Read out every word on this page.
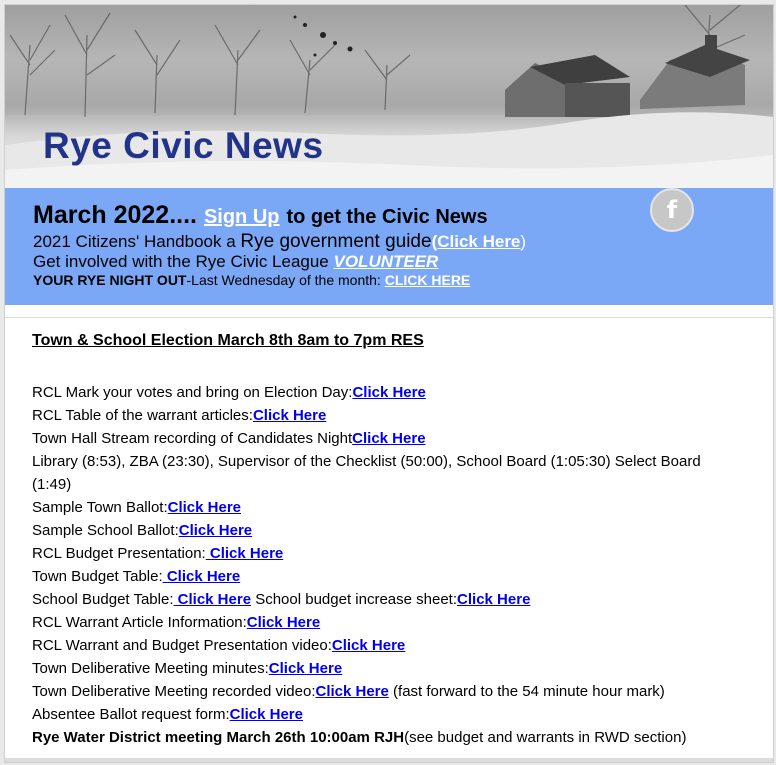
Rye Civic News
f
March 2022.... Sign Up to get the Civic News
2021 Citizens' Handbook a Rye government guide(Click Here)
Get involved with the Rye Civic League VOLUNTEER
YOUR RYE NIGHT OUT-Last Wednesday of the month: CLICK HERE
Town & School Election March 8th 8am to 7pm RES
RCL Mark your votes and bring on Election Day:Click Here
RCL Table of the warrant articles:Click Here
Town Hall Stream recording of Candidates NightClick Here
Library (8:53), ZBA (23:30), Supervisor of the Checklist (50:00), School Board (1:05:30) Select Board
(1:49)
Sample Town Ballot:Click Here
Sample School Ballot:Click Here
RCL Budget Presentation: Click Here
Town Budget Table: Click Here
School Budget Table: Click Here School budget increase sheet:Click Here
RCL Warrant Article Information:Click Here
RCL Warrant and Budget Presentation video:Click Here
Town Deliberative Meeting minutes:Click Here
Town Deliberative Meeting recorded video:Click Here (fast forward to the 54 minute hour mark)
Absentee Ballot request form:Click Here
Rye Water District meeting March 26th 10:00am RJH(see budget and warrants in RWD section)
